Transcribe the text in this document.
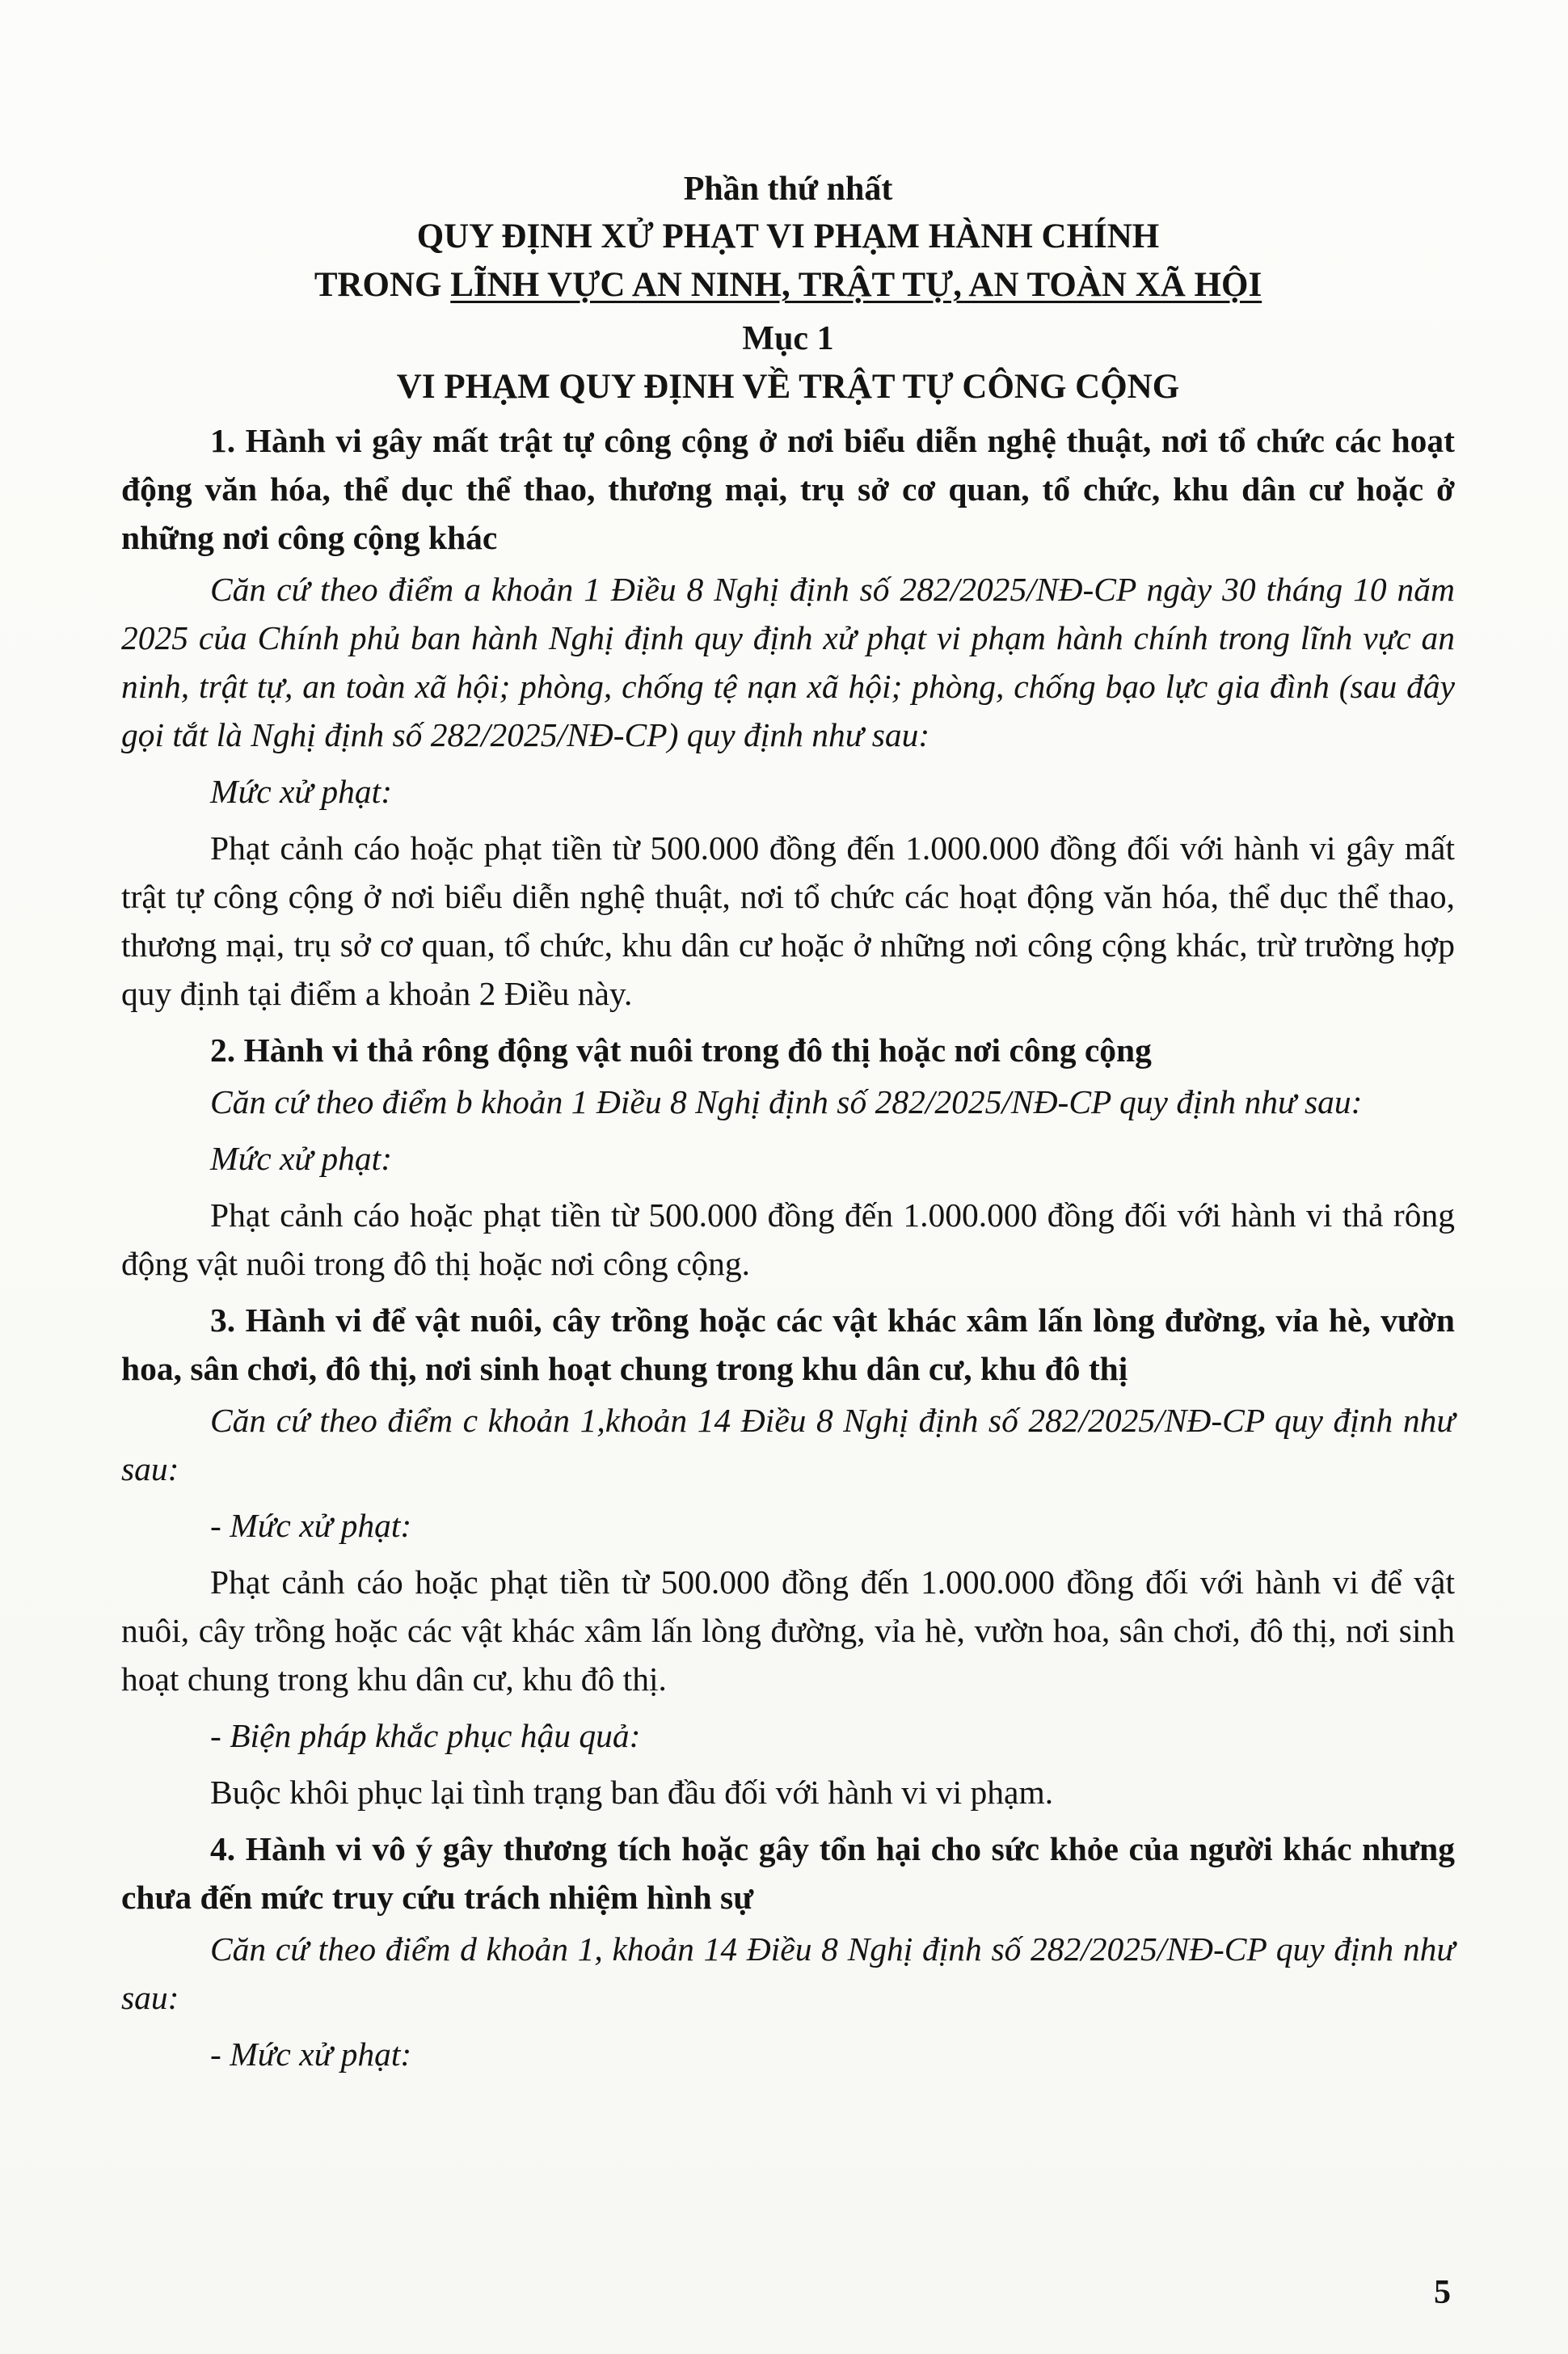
Phần thứ nhất
QUY ĐỊNH XỬ PHẠT VI PHẠM HÀNH CHÍNH
TRONG LĨNH VỰC AN NINH, TRẬT TỰ, AN TOÀN XÃ HỘI
Mục 1
VI PHẠM QUY ĐỊNH VỀ TRẬT TỰ CÔNG CỘNG

1. Hành vi gây mất trật tự công cộng ở nơi biểu diễn nghệ thuật, nơi tổ chức các hoạt động văn hóa, thể dục thể thao, thương mại, trụ sở cơ quan, tổ chức, khu dân cư hoặc ở những nơi công cộng khác

Căn cứ theo điểm a khoản 1 Điều 8 Nghị định số 282/2025/NĐ-CP ngày 30 tháng 10 năm 2025 của Chính phủ ban hành Nghị định quy định xử phạt vi phạm hành chính trong lĩnh vực an ninh, trật tự, an toàn xã hội; phòng, chống tệ nạn xã hội; phòng, chống bạo lực gia đình (sau đây gọi tắt là Nghị định số 282/2025/NĐ-CP) quy định như sau:

Mức xử phạt:

Phạt cảnh cáo hoặc phạt tiền từ 500.000 đồng đến 1.000.000 đồng đối với hành vi gây mất trật tự công cộng ở nơi biểu diễn nghệ thuật, nơi tổ chức các hoạt động văn hóa, thể dục thể thao, thương mại, trụ sở cơ quan, tổ chức, khu dân cư hoặc ở những nơi công cộng khác, trừ trường hợp quy định tại điểm a khoản 2 Điều này.

2. Hành vi thả rông động vật nuôi trong đô thị hoặc nơi công cộng

Căn cứ theo điểm b khoản 1 Điều 8 Nghị định số 282/2025/NĐ-CP quy định như sau:

Mức xử phạt:

Phạt cảnh cáo hoặc phạt tiền từ 500.000 đồng đến 1.000.000 đồng đối với hành vi thả rông động vật nuôi trong đô thị hoặc nơi công cộng.

3. Hành vi để vật nuôi, cây trồng hoặc các vật khác xâm lấn lòng đường, vỉa hè, vườn hoa, sân chơi, đô thị, nơi sinh hoạt chung trong khu dân cư, khu đô thị

Căn cứ theo điểm c khoản 1,khoản 14 Điều 8 Nghị định số 282/2025/NĐ-CP quy định như sau:

- Mức xử phạt:

Phạt cảnh cáo hoặc phạt tiền từ 500.000 đồng đến 1.000.000 đồng đối với hành vi để vật nuôi, cây trồng hoặc các vật khác xâm lấn lòng đường, vỉa hè, vườn hoa, sân chơi, đô thị, nơi sinh hoạt chung trong khu dân cư, khu đô thị.

- Biện pháp khắc phục hậu quả:

Buộc khôi phục lại tình trạng ban đầu đối với hành vi vi phạm.

4. Hành vi vô ý gây thương tích hoặc gây tổn hại cho sức khỏe của người khác nhưng chưa đến mức truy cứu trách nhiệm hình sự

Căn cứ theo điểm d khoản 1, khoản 14 Điều 8 Nghị định số 282/2025/NĐ-CP quy định như sau:

- Mức xử phạt:

5
